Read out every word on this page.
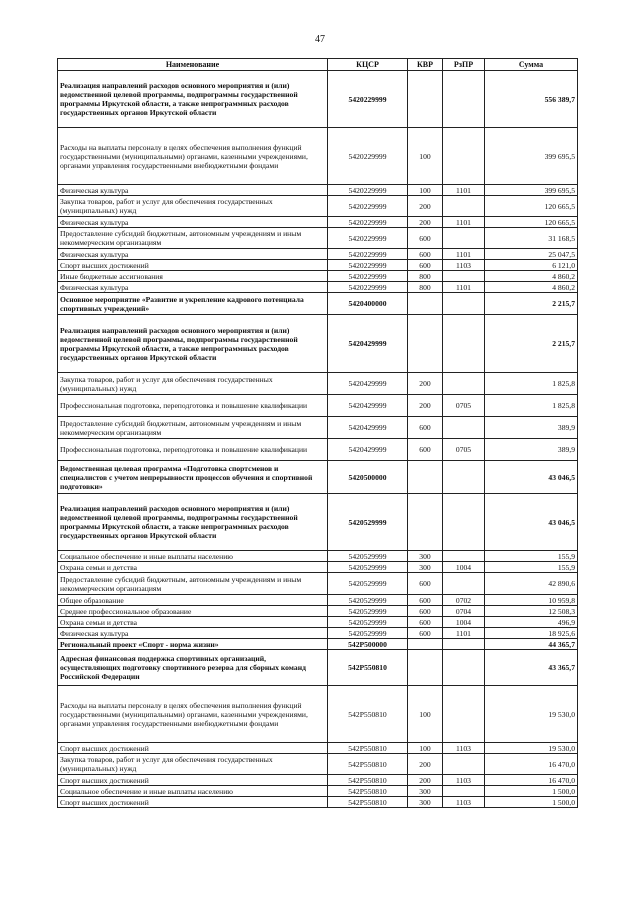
47
Наименование	КЦСР	КВР	РзПР	Сумма
Реализация направлений расходов основного мероприятия и (или) ведомственной целевой программы, подпрограммы государственной программы Иркутской области, а также непрограммных расходов государственных органов Иркутской области	5420229999			556 389,7
Расходы на выплаты персоналу в целях обеспечения выполнения функций государственными (муниципальными) органами, казенными учреждениями, органами управления государственными внебюджетными фондами	5420229999	100		399 695,5
Физическая культура	5420229999	100	1101	399 695,5
Закупка товаров, работ и услуг для обеспечения государственных (муниципальных) нужд	5420229999	200		120 665,5
Физическая культура	5420229999	200	1101	120 665,5
Предоставление субсидий бюджетным, автономным учреждениям и иным некоммерческим организациям	5420229999	600		31 168,5
Физическая культура	5420229999	600	1101	25 047,5
Спорт высших достижений	5420229999	600	1103	6 121,0
Иные бюджетные ассигнования	5420229999	800		4 860,2
Физическая культура	5420229999	800	1101	4 860,2
Основное мероприятие «Развитие и укрепление кадрового потенциала спортивных учреждений»	5420400000			2 215,7
Реализация направлений расходов основного мероприятия и (или) ведомственной целевой программы, подпрограммы государственной программы Иркутской области, а также непрограммных расходов государственных органов Иркутской области	5420429999			2 215,7
Закупка товаров, работ и услуг для обеспечения государственных (муниципальных) нужд	5420429999	200		1 825,8
Профессиональная подготовка, переподготовка и повышение квалификации	5420429999	200	0705	1 825,8
Предоставление субсидий бюджетным, автономным учреждениям и иным некоммерческим организациям	5420429999	600		389,9
Профессиональная подготовка, переподготовка и повышение квалификации	5420429999	600	0705	389,9
Ведомственная целевая программа «Подготовка спортсменов и специалистов с учетом непрерывности процессов обучения и спортивной подготовки»	5420500000			43 046,5
Реализация направлений расходов основного мероприятия и (или) ведомственной целевой программы, подпрограммы государственной программы Иркутской области, а также непрограммных расходов государственных органов Иркутской области	5420529999			43 046,5
Социальное обеспечение и иные выплаты населению	5420529999	300		155,9
Охрана семьи и детства	5420529999	300	1004	155,9
Предоставление субсидий бюджетным, автономным учреждениям и иным некоммерческим организациям	5420529999	600		42 890,6
Общее образование	5420529999	600	0702	10 959,8
Среднее профессиональное образование	5420529999	600	0704	12 508,3
Охрана семьи и детства	5420529999	600	1004	496,9
Физическая культура	5420529999	600	1101	18 925,6
Региональный проект «Спорт - норма жизни»	542P500000			44 365,7
Адресная финансовая поддержка спортивных организаций, осуществляющих подготовку спортивного резерва для сборных команд Российской Федерации	542P550810			43 365,7
Расходы на выплаты персоналу в целях обеспечения выполнения функций государственными (муниципальными) органами, казенными учреждениями, органами управления государственными внебюджетными фондами	542P550810	100		19 530,0
Спорт высших достижений	542P550810	100	1103	19 530,0
Закупка товаров, работ и услуг для обеспечения государственных (муниципальных) нужд	542P550810	200		16 470,0
Спорт высших достижений	542P550810	200	1103	16 470,0
Социальное обеспечение и иные выплаты населению	542P550810	300		1 500,0
Спорт высших достижений	542P550810	300	1103	1 500,0
